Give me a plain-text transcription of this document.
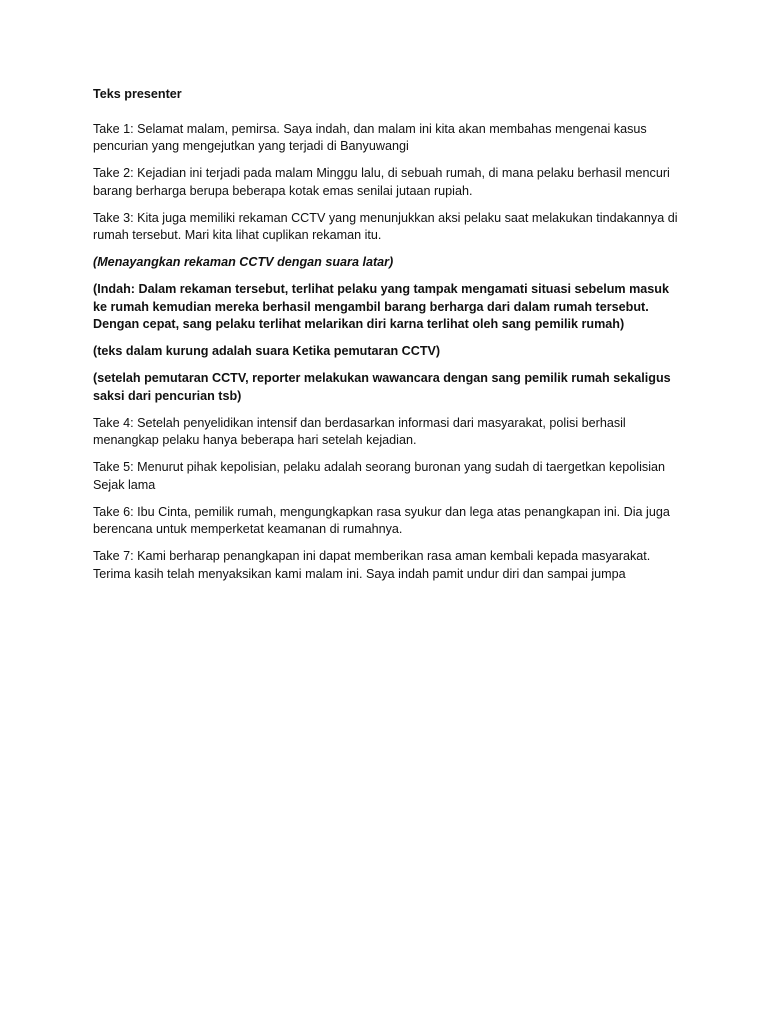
Teks presenter

Take 1: Selamat malam, pemirsa. Saya indah, dan malam ini kita akan membahas mengenai kasus pencurian yang mengejutkan yang terjadi di Banyuwangi

Take 2: Kejadian ini terjadi pada malam Minggu lalu, di sebuah rumah, di mana pelaku berhasil mencuri barang berharga berupa beberapa kotak emas senilai jutaan rupiah.

Take 3: Kita juga memiliki rekaman CCTV yang menunjukkan aksi pelaku saat melakukan tindakannya di rumah tersebut. Mari kita lihat cuplikan rekaman itu.

(Menayangkan rekaman CCTV dengan suara latar)

(Indah: Dalam rekaman tersebut, terlihat pelaku yang tampak mengamati situasi sebelum masuk ke rumah kemudian mereka berhasil mengambil barang berharga dari dalam rumah tersebut. Dengan cepat, sang pelaku terlihat melarikan diri karna terlihat oleh sang pemilik rumah)

(teks dalam kurung adalah suara Ketika pemutaran CCTV)

(setelah pemutaran CCTV, reporter melakukan wawancara dengan sang pemilik rumah sekaligus saksi dari pencurian tsb)

Take 4: Setelah penyelidikan intensif dan berdasarkan informasi dari masyarakat, polisi berhasil menangkap pelaku hanya beberapa hari setelah kejadian.

Take 5: Menurut pihak kepolisian, pelaku adalah seorang buronan yang sudah di taergetkan kepolisian Sejak lama

Take 6: Ibu Cinta, pemilik rumah, mengungkapkan rasa syukur dan lega atas penangkapan ini. Dia juga berencana untuk memperketat keamanan di rumahnya.

Take 7: Kami berharap penangkapan ini dapat memberikan rasa aman kembali kepada masyarakat. Terima kasih telah menyaksikan kami malam ini. Saya indah pamit undur diri dan sampai jumpa
